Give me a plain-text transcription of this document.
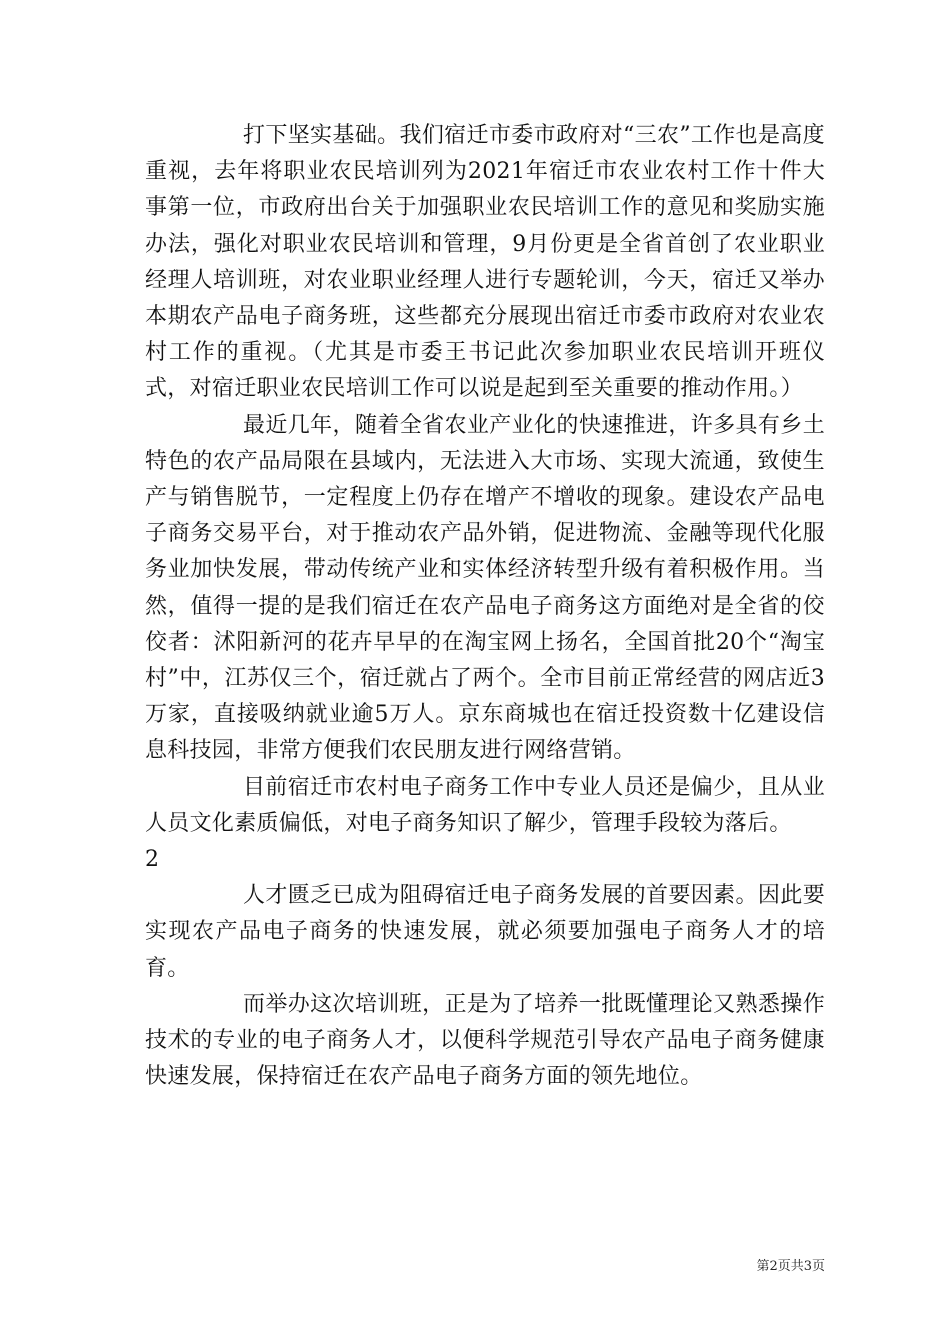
打下坚实基础。我们宿迁市委市政府对“三农”工作也是高度重视，去年将职业农民培训列为2021年宿迁市农业农村工作十件大事第一位，市政府出台关于加强职业农民培训工作的意见和奖励实施办法，强化对职业农民培训和管理，9月份更是全省首创了农业职业经理人培训班，对农业职业经理人进行专题轮训，今天，宿迁又举办本期农产品电子商务班，这些都充分展现出宿迁市委市政府对农业农村工作的重视。（尤其是市委王书记此次参加职业农民培训开班仪式，对宿迁职业农民培训工作可以说是起到至关重要的推动作用。）

最近几年，随着全省农业产业化的快速推进，许多具有乡土特色的农产品局限在县域内，无法进入大市场、实现大流通，致使生产与销售脱节，一定程度上仍存在增产不增收的现象。建设农产品电子商务交易平台，对于推动农产品外销，促进物流、金融等现代化服务业加快发展，带动传统产业和实体经济转型升级有着积极作用。当然，值得一提的是我们宿迁在农产品电子商务这方面绝对是全省的佼佼者：沭阳新河的花卉早早的在淘宝网上扬名，全国首批20个“淘宝村”中，江苏仅三个，宿迁就占了两个。全市目前正常经营的网店近3万家，直接吸纳就业逾5万人。京东商城也在宿迁投资数十亿建设信息科技园，非常方便我们农民朋友进行网络营销。

目前宿迁市农村电子商务工作中专业人员还是偏少，且从业人员文化素质偏低，对电子商务知识了解少，管理手段较为落后。

2

人才匮乏已成为阻碍宿迁电子商务发展的首要因素。因此要实现农产品电子商务的快速发展，就必须要加强电子商务人才的培育。

而举办这次培训班，正是为了培养一批既懂理论又熟悉操作技术的专业的电子商务人才，以便科学规范引导农产品电子商务健康快速发展，保持宿迁在农产品电子商务方面的领先地位。

第2页共3页
